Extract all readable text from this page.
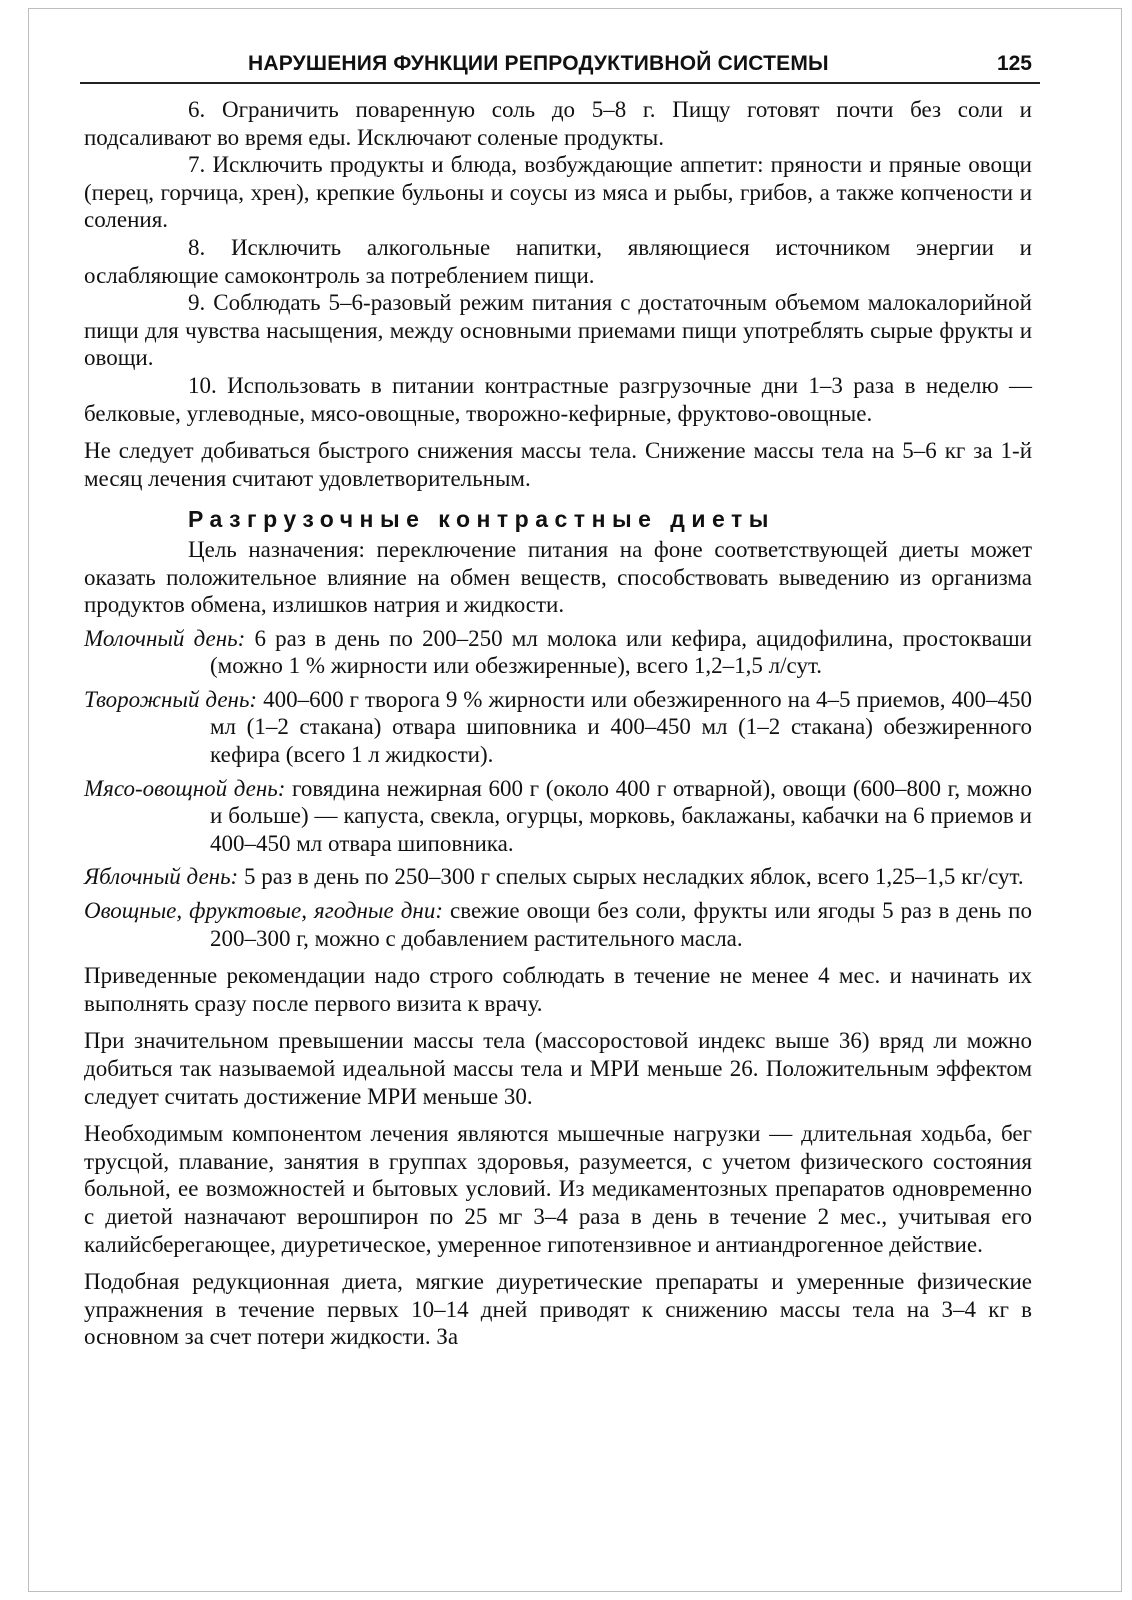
НАРУШЕНИЯ ФУНКЦИИ РЕПРОДУКТИВНОЙ СИСТЕМЫ	125

6. Ограничить поваренную соль до 5–8 г. Пищу готовят почти без соли и подсаливают во время еды. Исключают соленые продукты.

7. Исключить продукты и блюда, возбуждающие аппетит: пряности и пряные овощи (перец, горчица, хрен), крепкие бульоны и соусы из мяса и рыбы, грибов, а также копчености и соления.

8. Исключить алкогольные напитки, являющиеся источником энергии и ослабляющие самоконтроль за потреблением пищи.

9. Соблюдать 5–6-разовый режим питания с достаточным объемом малокалорийной пищи для чувства насыщения, между основными приемами пищи употреблять сырые фрукты и овощи.

10. Использовать в питании контрастные разгрузочные дни 1–3 раза в неделю — белковые, углеводные, мясо-овощные, творожно-кефирные, фруктово-овощные.

Не следует добиваться быстрого снижения массы тела. Снижение массы тела на 5–6 кг за 1-й месяц лечения считают удовлетворительным.

Разгрузочные контрастные диеты

Цель назначения: переключение питания на фоне соответствующей диеты может оказать положительное влияние на обмен веществ, способствовать выведению из организма продуктов обмена, излишков натрия и жидкости.

Молочный день: 6 раз в день по 200–250 мл молока или кефира, ацидофилина, простокваши (можно 1 % жирности или обезжиренные), всего 1,2–1,5 л/сут.

Творожный день: 400–600 г творога 9 % жирности или обезжиренного на 4–5 приемов, 400–450 мл (1–2 стакана) отвара шиповника и 400–450 мл (1–2 стакана) обезжиренного кефира (всего 1 л жидкости).

Мясо-овощной день: говядина нежирная 600 г (около 400 г отварной), овощи (600–800 г, можно и больше) — капуста, свекла, огурцы, морковь, баклажаны, кабачки на 6 приемов и 400–450 мл отвара шиповника.

Яблочный день: 5 раз в день по 250–300 г спелых сырых несладких яблок, всего 1,25–1,5 кг/сут.

Овощные, фруктовые, ягодные дни: свежие овощи без соли, фрукты или ягоды 5 раз в день по 200–300 г, можно с добавлением растительного масла.

Приведенные рекомендации надо строго соблюдать в течение не менее 4 мес. и начинать их выполнять сразу после первого визита к врачу.

При значительном превышении массы тела (массоростовой индекс выше 36) вряд ли можно добиться так называемой идеальной массы тела и МРИ меньше 26. Положительным эффектом следует считать достижение МРИ меньше 30.

Необходимым компонентом лечения являются мышечные нагрузки — длительная ходьба, бег трусцой, плавание, занятия в группах здоровья, разумеется, с учетом физического состояния больной, ее возможностей и бытовых условий. Из медикаментозных препаратов одновременно с диетой назначают верошпирон по 25 мг 3–4 раза в день в течение 2 мес., учитывая его калийсберегающее, диуретическое, умеренное гипотензивное и антиандрогенное действие.

Подобная редукционная диета, мягкие диуретические препараты и умеренные физические упражнения в течение первых 10–14 дней приводят к снижению массы тела на 3–4 кг в основном за счет потери жидкости. За
